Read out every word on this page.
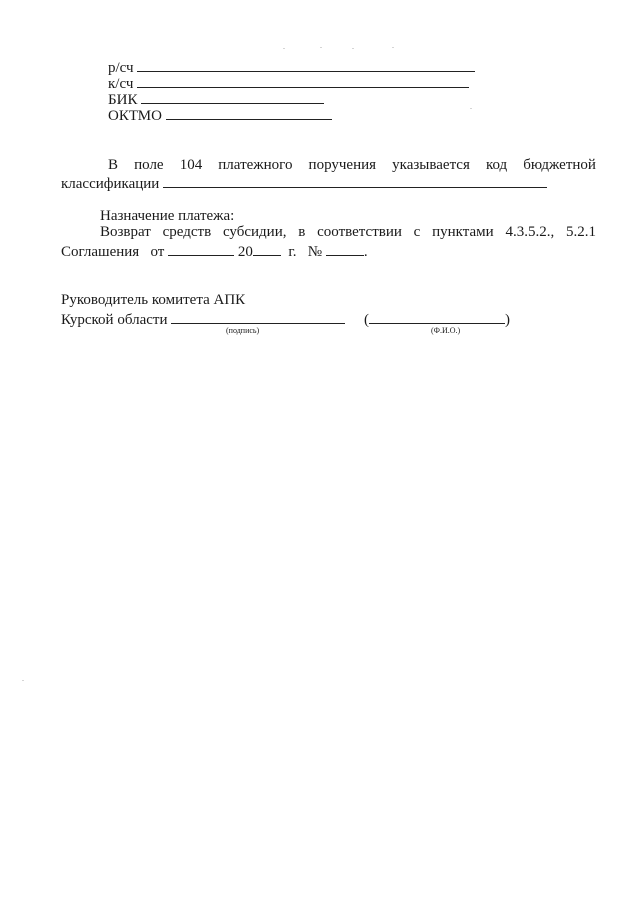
р/сч
к/сч
БИК
ОКТМО
В поле 104 платежного поручения указывается код бюджетной
классификации
Назначение платежа:
Возврат средств субсидии, в соответствии с пунктами 4.3.5.2., 5.2.1
Соглашения от	20 г. №	.
Руководитель комитета АПК
Курской области	(	)
(подпись)	(Ф.И.О.)
